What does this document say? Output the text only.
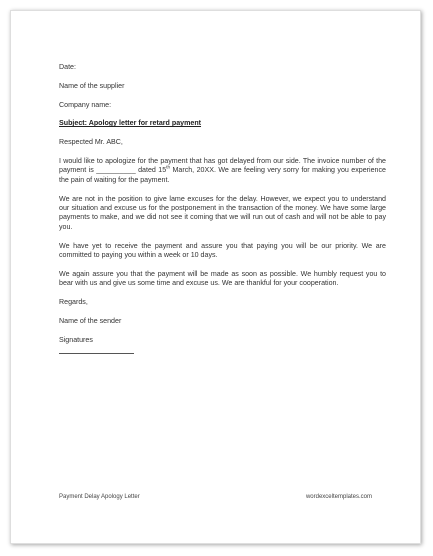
Date:
Name of the supplier
Company name:
Subject: Apology letter for retard payment
Respected Mr. ABC,
I would like to apologize for the payment that has got delayed from our side. The invoice number of the payment is __________ dated 15th March, 20XX. We are feeling very sorry for making you experience the pain of waiting for the payment.
We are not in the position to give lame excuses for the delay. However, we expect you to understand our situation and excuse us for the postponement in the transaction of the money. We have some large payments to make, and we did not see it coming that we will run out of cash and will not be able to pay you.
We have yet to receive the payment and assure you that paying you will be our priority. We are committed to paying you within a week or 10 days.
We again assure you that the payment will be made as soon as possible. We humbly request you to bear with us and give us some time and excuse us. We are thankful for your cooperation.
Regards,
Name of the sender
Signatures
Payment Delay Apology Letter	wordexceltemplates.com
